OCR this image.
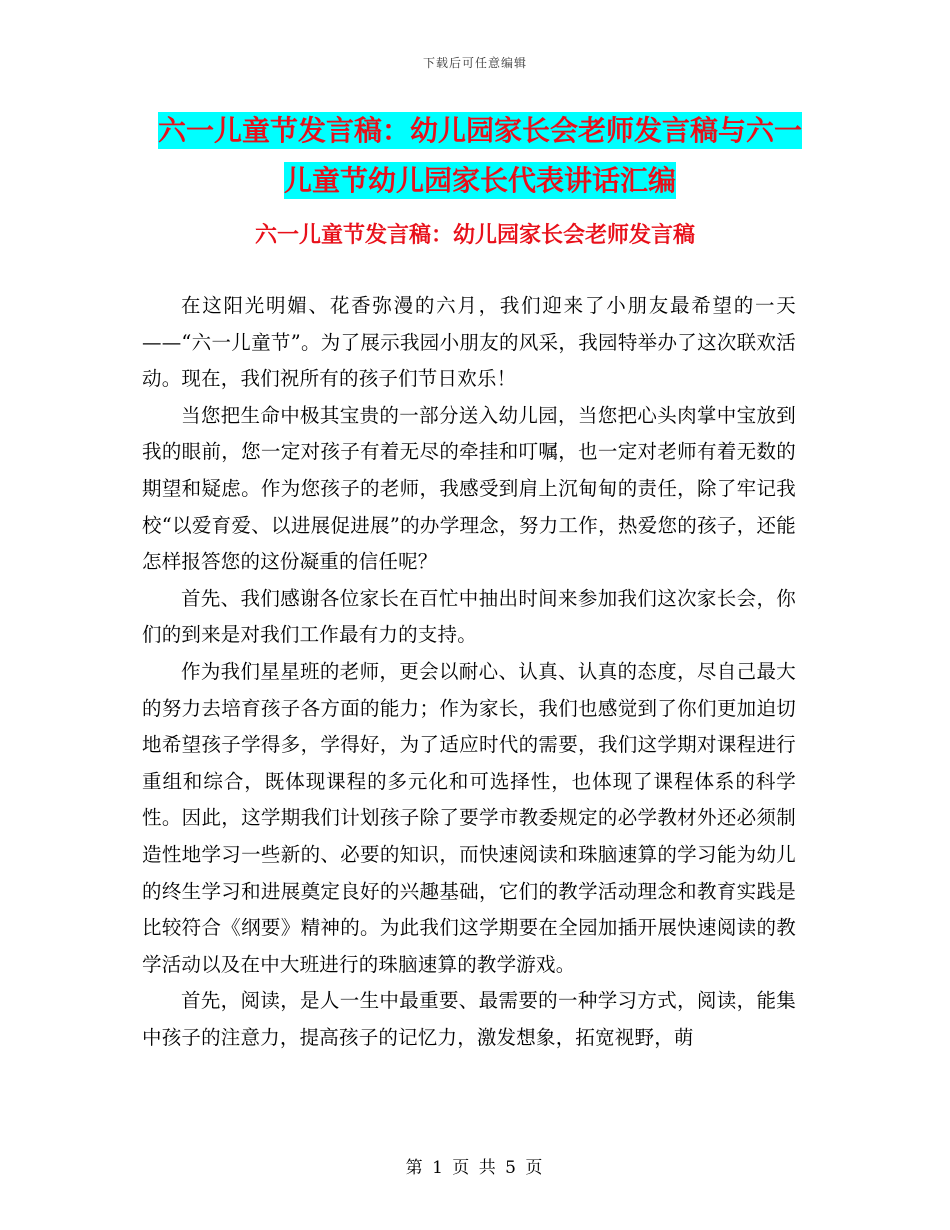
下载后可任意编辑
六一儿童节发言稿：幼儿园家长会老师发言稿与六一
儿童节幼儿园家长代表讲话汇编
六一儿童节发言稿：幼儿园家长会老师发言稿

在这阳光明媚、花香弥漫的六月，我们迎来了小朋友最希望的一天——“六一儿童节”。为了展示我园小朋友的风采，我园特举办了这次联欢活动。现在，我们祝所有的孩子们节日欢乐！

当您把生命中极其宝贵的一部分送入幼儿园，当您把心头肉掌中宝放到我的眼前，您一定对孩子有着无尽的牵挂和叮嘱，也一定对老师有着无数的期望和疑虑。作为您孩子的老师，我感受到肩上沉甸甸的责任，除了牢记我校“以爱育爱、以进展促进展”的办学理念，努力工作，热爱您的孩子，还能怎样报答您的这份凝重的信任呢？

首先、我们感谢各位家长在百忙中抽出时间来参加我们这次家长会，你们的到来是对我们工作最有力的支持。

作为我们星星班的老师，更会以耐心、认真、认真的态度，尽自己最大的努力去培育孩子各方面的能力；作为家长，我们也感觉到了你们更加迫切地希望孩子学得多，学得好，为了适应时代的需要，我们这学期对课程进行重组和综合，既体现课程的多元化和可选择性，也体现了课程体系的科学性。因此，这学期我们计划孩子除了要学市教委规定的必学教材外还必须制造性地学习一些新的、必要的知识，而快速阅读和珠脑速算的学习能为幼儿的终生学习和进展奠定良好的兴趣基础，它们的教学活动理念和教育实践是比较符合《纲要》精神的。为此我们这学期要在全园加插开展快速阅读的教学活动以及在中大班进行的珠脑速算的教学游戏。

首先，阅读，是人一生中最重要、最需要的一种学习方式，阅读，能集中孩子的注意力，提高孩子的记忆力，激发想象，拓宽视野，萌

第 1 页 共 5 页
